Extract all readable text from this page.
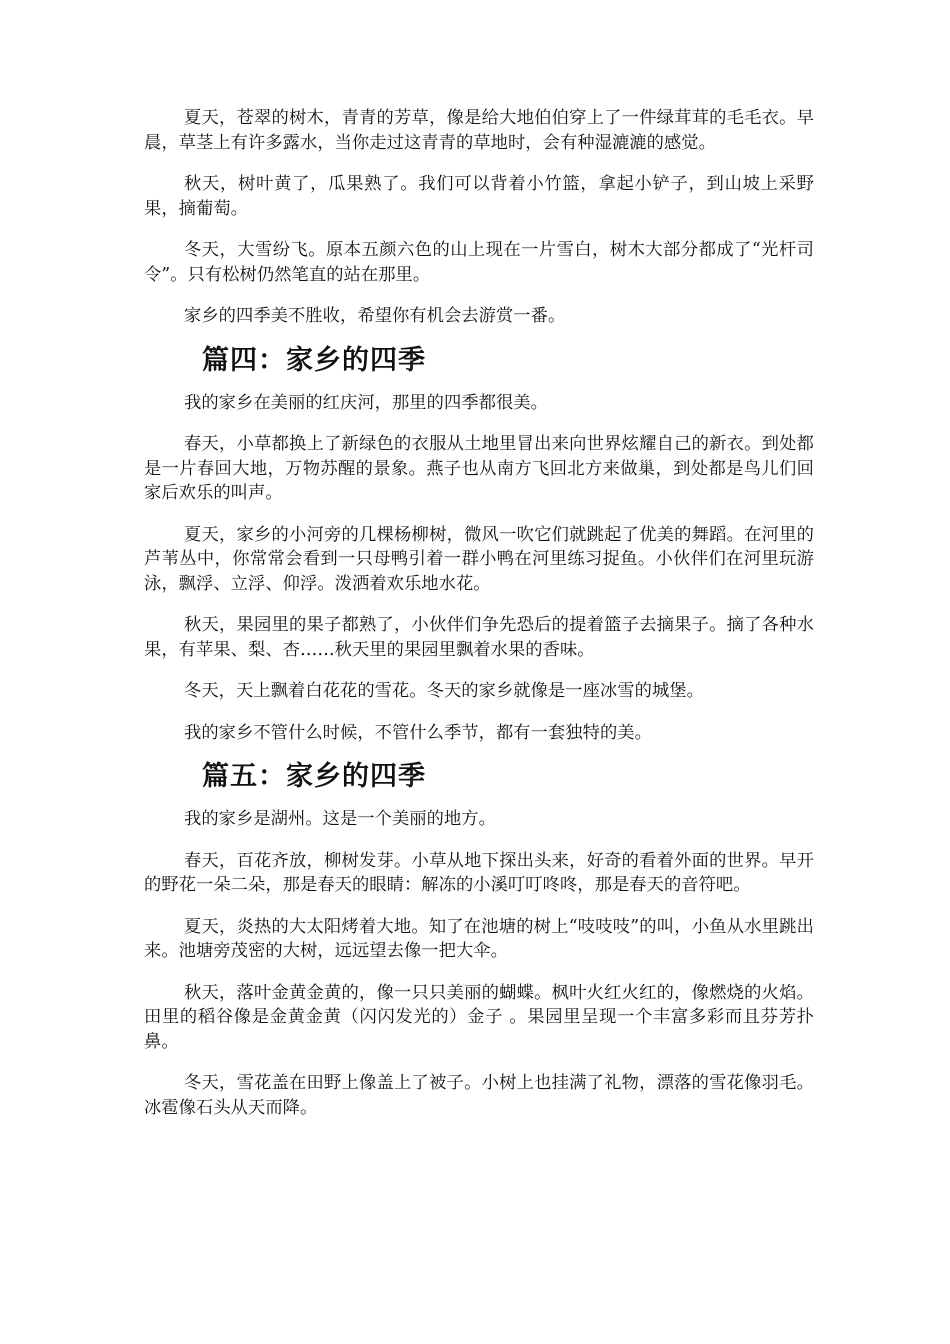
夏天，苍翠的树木，青青的芳草，像是给大地伯伯穿上了一件绿茸茸的毛毛衣。早晨，草茎上有许多露水，当你走过这青青的草地时，会有种湿漉漉的感觉。

秋天，树叶黄了，瓜果熟了。我们可以背着小竹篮，拿起小铲子，到山坡上采野果，摘葡萄。

冬天，大雪纷飞。原本五颜六色的山上现在一片雪白，树木大部分都成了“光杆司令”。只有松树仍然笔直的站在那里。

家乡的四季美不胜收，希望你有机会去游赏一番。

篇四：家乡的四季

我的家乡在美丽的红庆河，那里的四季都很美。

春天，小草都换上了新绿色的衣服从土地里冒出来向世界炫耀自己的新衣。到处都是一片春回大地，万物苏醒的景象。燕子也从南方飞回北方来做巢，到处都是鸟儿们回家后欢乐的叫声。

夏天，家乡的小河旁的几棵杨柳树，微风一吹它们就跳起了优美的舞蹈。在河里的芦苇丛中，你常常会看到一只母鸭引着一群小鸭在河里练习捉鱼。小伙伴们在河里玩游泳，飘浮、立浮、仰浮。泼洒着欢乐地水花。

秋天，果园里的果子都熟了，小伙伴们争先恐后的提着篮子去摘果子。摘了各种水果，有苹果、梨、杏……秋天里的果园里飘着水果的香味。

冬天，天上飘着白花花的雪花。冬天的家乡就像是一座冰雪的城堡。

我的家乡不管什么时候，不管什么季节，都有一套独特的美。

篇五：家乡的四季

我的家乡是湖州。这是一个美丽的地方。

春天，百花齐放，柳树发芽。小草从地下探出头来，好奇的看着外面的世界。早开的野花一朵二朵，那是春天的眼睛：解冻的小溪叮叮咚咚，那是春天的音符吧。

夏天，炎热的大太阳烤着大地。知了在池塘的树上“吱吱吱”的叫，小鱼从水里跳出来。池塘旁茂密的大树，远远望去像一把大伞。

秋天，落叶金黄金黄的，像一只只美丽的蝴蝶。枫叶火红火红的，像燃烧的火焰。田里的稻谷像是金黄金黄（闪闪发光的）金子 。果园里呈现一个丰富多彩而且芬芳扑鼻。

冬天，雪花盖在田野上像盖上了被子。小树上也挂满了礼物，漂落的雪花像羽毛。冰雹像石头从天而降。
